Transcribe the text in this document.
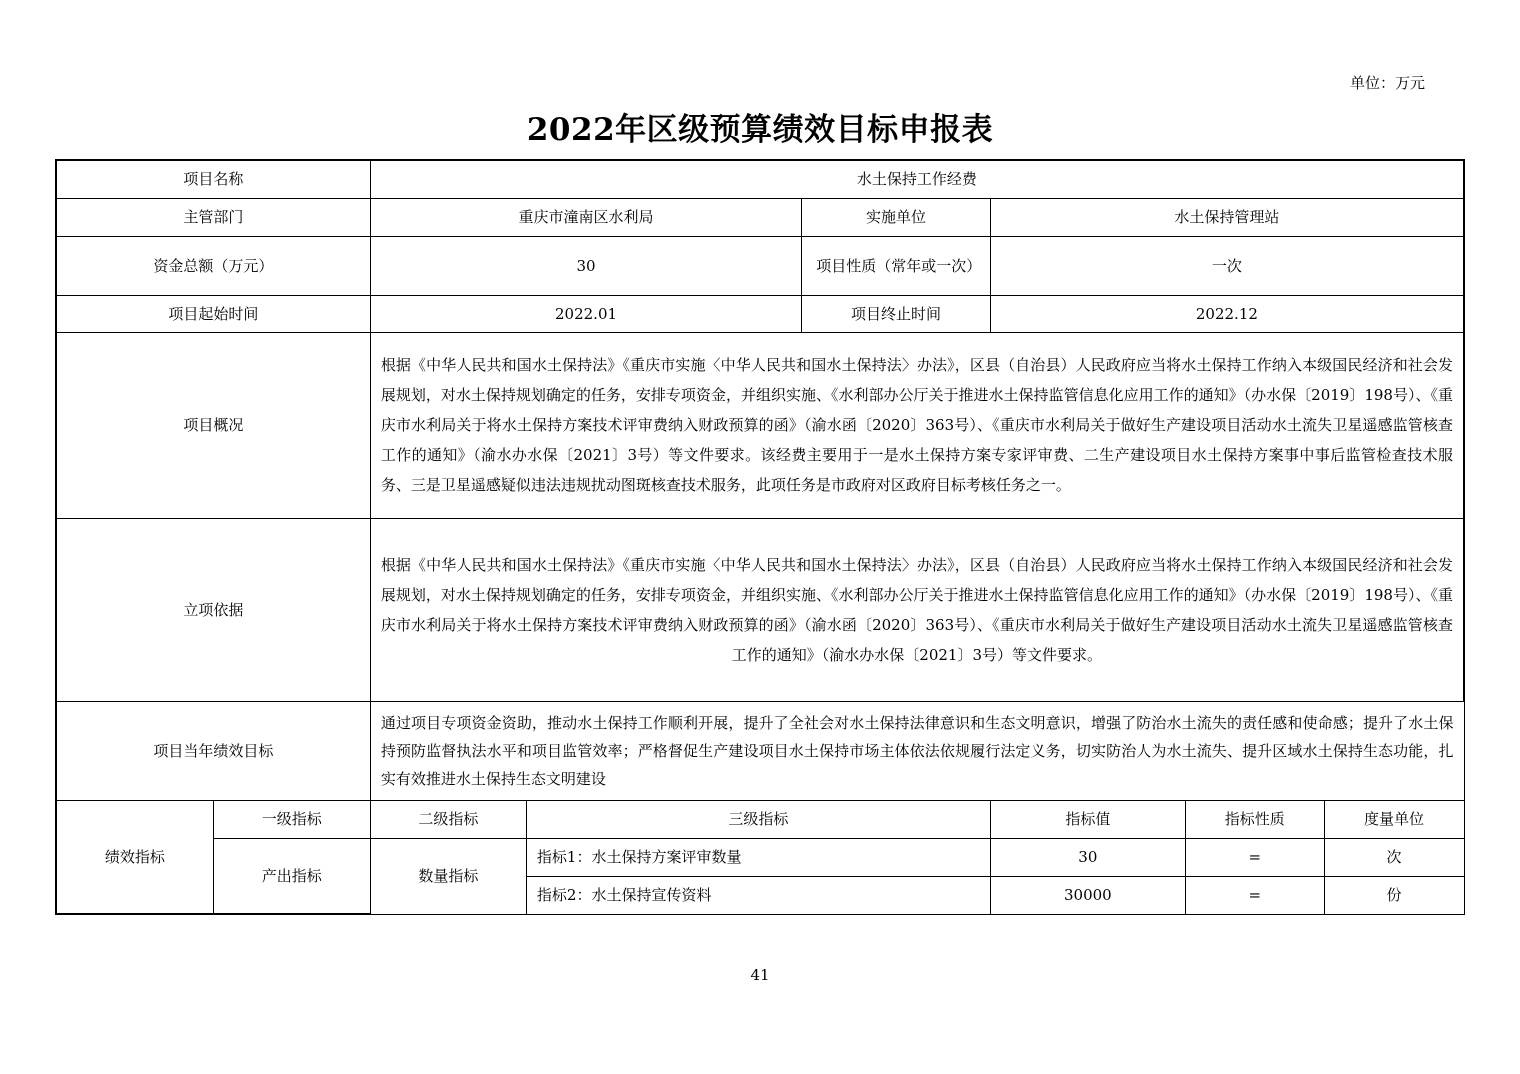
单位：万元
2022年区级预算绩效目标申报表
项目名称		水土保持工作经费					
主管部门		重庆市潼南区水利局		实施单位	水土保持管理站		
资金总额（万元）		30		项目性质（常年或一次）	一次		
项目起始时间		2022.01		项目终止时间	2022.12		
项目概况		根据《中华人民共和国水土保持法》《重庆市实施〈中华人民共和国水土保持法〉办法》，区县（自治县）人民政府应当将水土保持工作纳入本级国民经济和社会发展规划，对水土保持规划确定的任务，安排专项资金，并组织实施、《水利部办公厅关于推进水土保持监管信息化应用工作的通知》（办水保〔2019〕198号）、《重庆市水利局关于将水土保持方案技术评审费纳入财政预算的函》（渝水函〔2020〕363号）、《重庆市水利局关于做好生产建设项目活动水土流失卫星遥感监管核查工作的通知》（渝水办水保〔2021〕3号）等文件要求。该经费主要用于一是水土保持方案专家评审费、二生产建设项目水土保持方案事中事后监管检查技术服务、三是卫星遥感疑似违法违规扰动图斑核查技术服务，此项任务是市政府对区政府目标考核任务之一。					
立项依据		根据《中华人民共和国水土保持法》《重庆市实施〈中华人民共和国水土保持法〉办法》，区县（自治县）人民政府应当将水土保持工作纳入本级国民经济和社会发展规划，对水土保持规划确定的任务，安排专项资金，并组织实施、《水利部办公厅关于推进水土保持监管信息化应用工作的通知》（办水保〔2019〕198号）、《重庆市水利局关于将水土保持方案技术评审费纳入财政预算的函》（渝水函〔2020〕363号）、《重庆市水利局关于做好生产建设项目活动水土流失卫星遥感监管核查工作的通知》（渝水办水保〔2021〕3号）等文件要求。					
项目当年绩效目标		通过项目专项资金资助，推动水土保持工作顺利开展，提升了全社会对水土保持法律意识和生态文明意识，增强了防治水土流失的责任感和使命感；提升了水土保持预防监督执法水平和项目监管效率；严格督促生产建设项目水土保持市场主体依法依规履行法定义务，切实防治人为水土流失、提升区域水土保持生态功能，扎实有效推进水土保持生态文明建设					
绩效指标	一级指标	二级指标	三级指标		指标值	指标性质	度量单位
	产出指标	数量指标	指标1：水土保持方案评审数量		30	=	次
			指标2：水土保持宣传资料		30000	=	份
41
